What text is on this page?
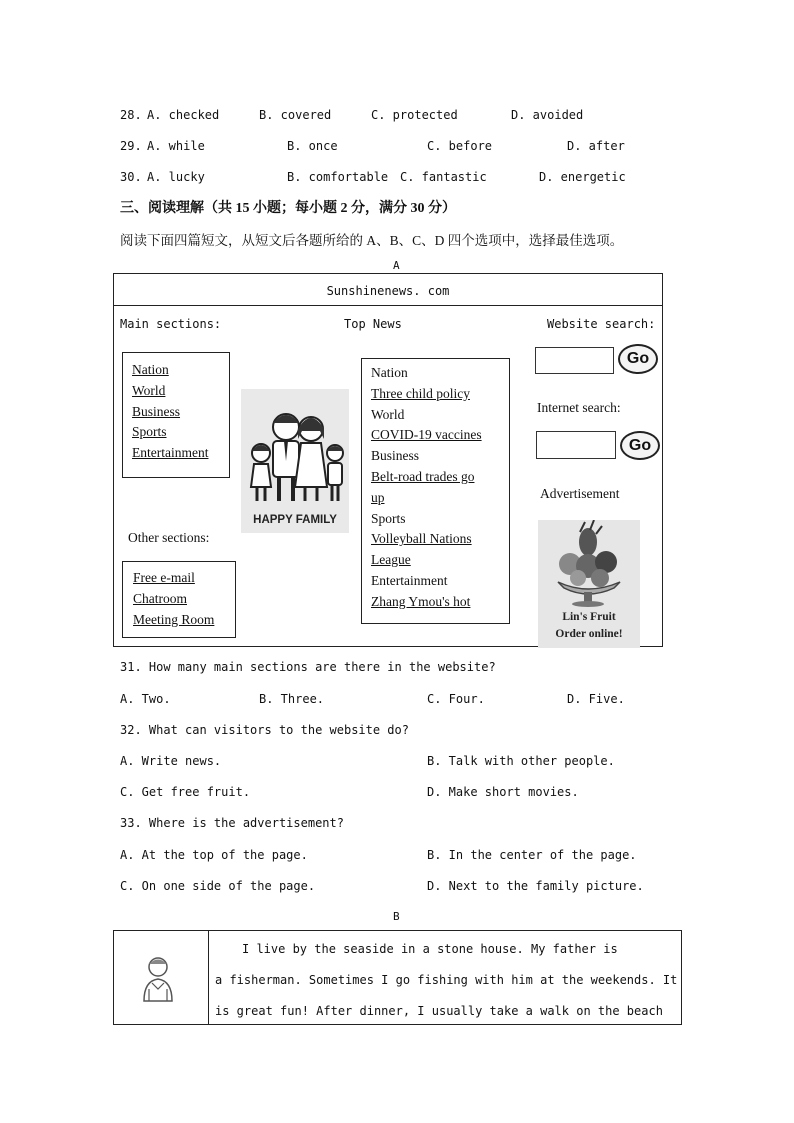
28. A. checked	B. covered	C. protected	D. avoided
29. A. while	B. once	C. before	D. after
30. A. lucky	B. comfortable C. fantastic	D. energetic
三、阅读理解（共 15 小题；每小题 2 分，满分 30 分）
阅读下面四篇短文，从短文后各题所给的 A、B、C、D 四个选项中，选择最佳选项。
A
Sunshinenews. com
Main sections:	Top News	Website search:
Nation
World
Business
Sports
Entertainment
HAPPY FAMILY
Other sections:
Free e-mail
Chatroom
Meeting Room
Nation
Three child policy
World
COVID-19 vaccines
Business
Belt-road trades go
up
Sports
Volleyball Nations
League
Entertainment
Zhang Ymou's hot
Go
Internet search:
Go
Advertisement
Lin's Fruit
Order online!
31. How many main sections are there in the website?
A. Two.	B. Three.	C. Four.	D. Five.
32. What can visitors to the website do?
A. Write news.	B. Talk with other people.
C. Get free fruit.	D. Make short movies.
33. Where is the advertisement?
A. At the top of the page.	B. In the center of the page.
C. On one side of the page.	D. Next to the family picture.
B
I live by the seaside in a stone house. My father is
a fisherman. Sometimes I go fishing with him at the weekends. It
is great fun! After dinner, I usually take a walk on the beach
